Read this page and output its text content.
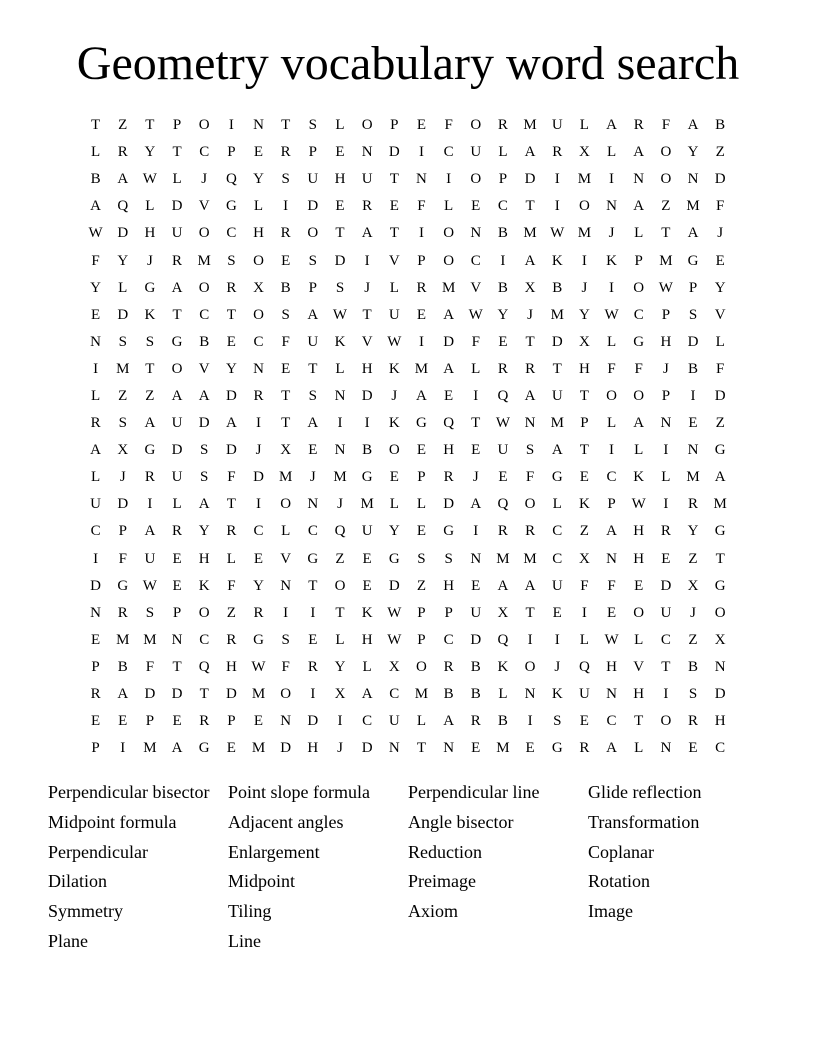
Geometry vocabulary word search
T	Z	T	P	O	I	N	T	S	L	O	P	E	F	O	R	M	U	L	A	R	F	A	B
L	R	Y	T	C	P	E	R	P	E	N	D	I	C	U	L	A	R	X	L	A	O	Y	Z
B	A W	L	J	Q	Y	S	U	H	U	T	N	I	O	P	D	I	M	I	N	O	N	D
A	Q	L	D	V	G	L	I	D	E	R	E	F	L	E	C	T	I	O	N	A	Z	M	F
W D	H	U	O	C	H	R	O	T	A	T	I	O	N	B	M W M	J	L	T	A	J
F	Y	J	R	M	S	O	E	S	D	I	V	P	O	C	I	A	K	I	K	P	M	G	E
Y	L	G	A	O	R	X	B	P	S	J	L	R	M	V	B	X	B	J	I	O W	P	Y
E	D	K	T	C	T	O	S	A W	T	U	E	A W Y	J	M	Y W	C	P	S	V
N	S	S	G	B	E	C	F	U	K	V W	I	D	F	E	T	D	X	L	G	H	D	L
I	M	T	O	V	Y	N	E	T	L	H	K	M	A	L	R	R	T	H	F	F	J	B	F
L	Z	Z	A	A	D	R	T	S	N	D	J	A	E	I	Q	A	U	T	O	O	P	I	D
R	S	A	U	D	A	I	T	A	I	I	K	G	Q	T	W N	M	P	L	A	N	E	Z
A	X	G	D	S	D	J	X	E	N	B	O	E	H	E	U	S	A	T	I	L	I	N	G
L	J	R	U	S	F	D	M	J	M	G	E	P	R	J	E	F	G	E	C	K	L	M	A
U	D	I	L	A	T	I	O	N	J	M	L	L	D	A	Q	O	L	K	P	W	I	R	M
C	P	A	R	Y	R	C	L	C	Q	U	Y	E	G	I	R	R	C	Z	A	H	R	Y	G
I	F	U	E	H	L	E	V	G	Z	E	G	S	S	N	M M	C	X	N	H	E	Z	T
D	G W	E	K	F	Y	N	T	O	E	D	Z	H	E	A	A	U	F	F	E	D	X	G
N	R	S	P	O	Z	R	I	I	T	K W	P	P	U	X	T	E	I	E	O	U	J	O
E	M M	N	C	R	G	S	E	L	H W	P	C	D	Q	I	I	L	W	L	C	Z	X
P	B	F	T	Q	H W	F	R	Y	L	X	O	R	B	K	O	J	Q	H	V	T	B	N
R	A	D	D	T	D	M	O	I	X	A	C	M	B	B	L	N	K	U	N	H	I	S	D
E	E	P	E	R	P	E	N	D	I	C	U	L	A	R	B	I	S	E	C	T	O	R	H
P	I	M	A	G	E	M	D	H	J	D	N	T	N	E	M	E	G	R	A	L	N	E	C
Perpendicular bisector	Point slope formula	Perpendicular line	Glide reflection
Midpoint formula	Adjacent angles	Angle bisector	Transformation
Perpendicular	Enlargement	Reduction	Coplanar
Dilation	Midpoint	Preimage	Rotation
Symmetry	Tiling	Axiom	Image
Plane	Line
